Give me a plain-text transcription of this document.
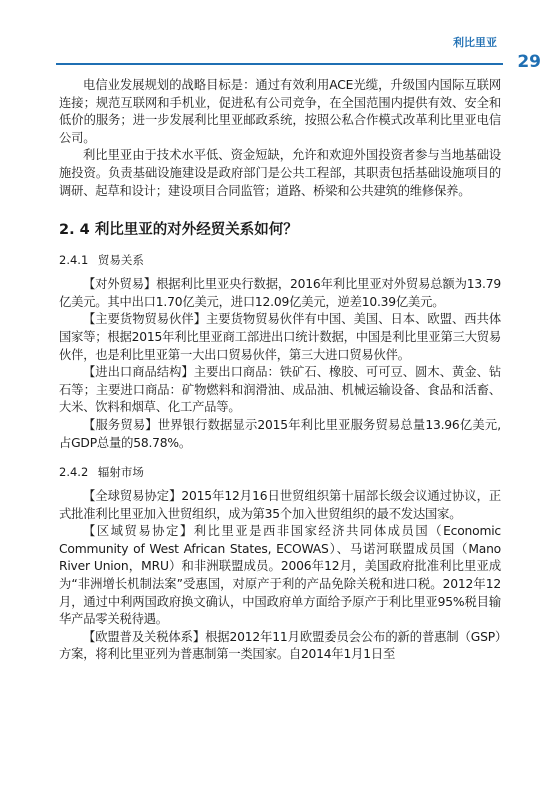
利比里亚
29

电信业发展规划的战略目标是：通过有效利用ACE光缆，升级国内国际互联网连接；规范互联网和手机业，促进私有公司竞争，在全国范围内提供有效、安全和低价的服务；进一步发展利比里亚邮政系统，按照公私合作模式改革利比里亚电信公司。

利比里亚由于技术水平低、资金短缺，允许和欢迎外国投资者参与当地基础设施投资。负责基础设施建设是政府部门是公共工程部，其职责包括基础设施项目的调研、起草和设计；建设项目合同监管；道路、桥梁和公共建筑的维修保养。

2. 4 利比里亚的对外经贸关系如何？
2.4.1 贸易关系

【对外贸易】根据利比里亚央行数据，2016年利比里亚对外贸易总额为13.79亿美元。其中出口1.70亿美元，进口12.09亿美元，逆差10.39亿美元。

【主要货物贸易伙伴】主要货物贸易伙伴有中国、美国、日本、欧盟、西共体国家等；根据2015年利比里亚商工部进出口统计数据，中国是利比里亚第三大贸易伙伴，也是利比里亚第一大出口贸易伙伴，第三大进口贸易伙伴。

【进出口商品结构】主要出口商品：铁矿石、橡胶、可可豆、圆木、黄金、钻石等；主要进口商品：矿物燃料和润滑油、成品油、机械运输设备、食品和活畜、大米、饮料和烟草、化工产品等。

【服务贸易】世界银行数据显示2015年利比里亚服务贸易总量13.96亿美元,占GDP总量的58.78%。

2.4.2 辐射市场

【全球贸易协定】2015年12月16日世贸组织第十届部长级会议通过协议，正式批准利比里亚加入世贸组织，成为第35个加入世贸组织的最不发达国家。

【区域贸易协定】利比里亚是西非国家经济共同体成员国（Economic Community of West African States, ECOWAS）、马诺河联盟成员国（Mano River Union，MRU）和非洲联盟成员。2006年12月，美国政府批准利比里亚成为“非洲增长机制法案”受惠国，对原产于利的产品免除关税和进口税。2012年12月，通过中利两国政府换文确认，中国政府单方面给予原产于利比里亚95%税目输华产品零关税待遇。

【欧盟普及关税体系】根据2012年11月欧盟委员会公布的新的普惠制（GSP）方案，将利比里亚列为普惠制第一类国家。自2014年1月1日至
